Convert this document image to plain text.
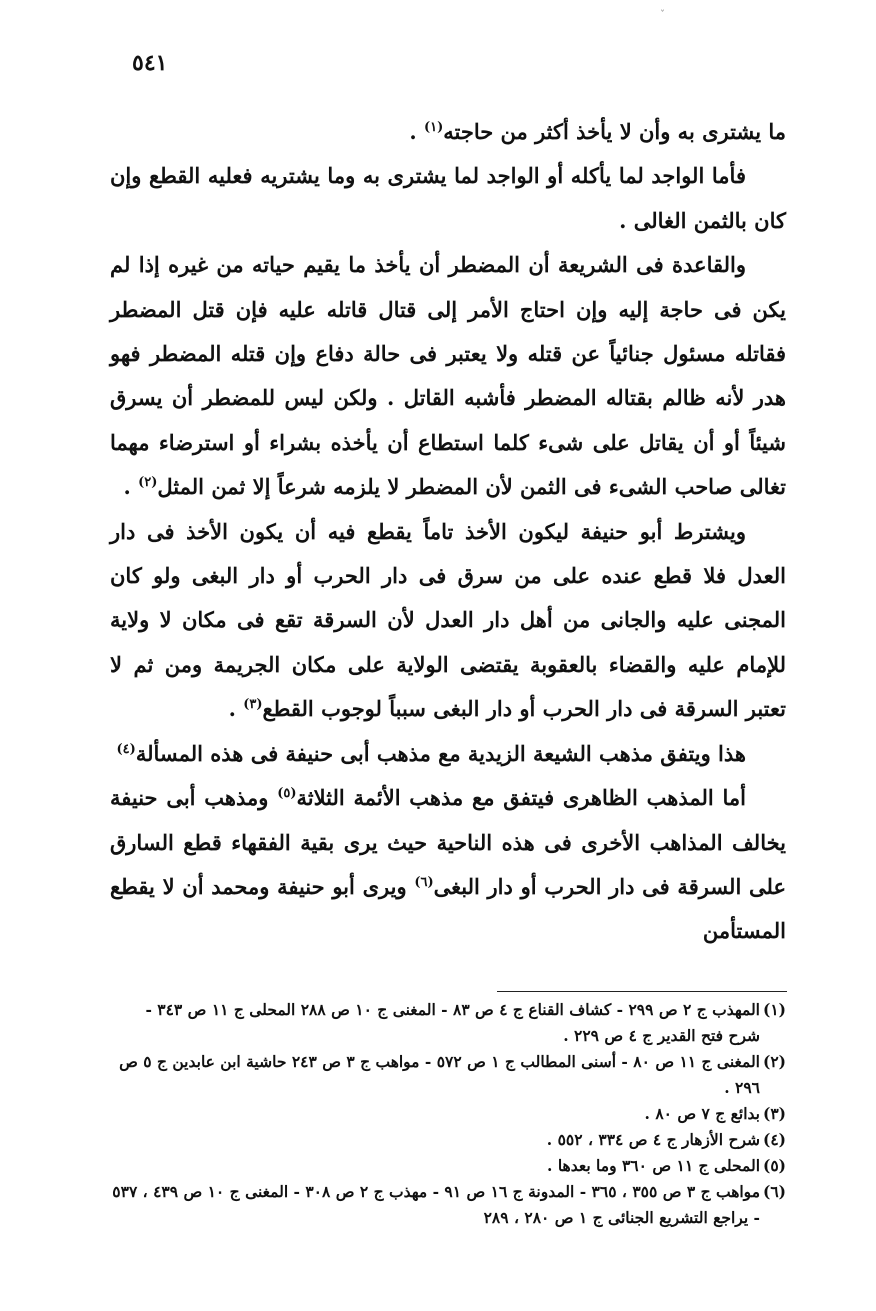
ˇ
٥٤١

ما يشترى به وأن لا يأخذ أكثر من حاجته$^{(١)}$ .

فأما الواجد لما يأكله أو الواجد لما يشترى به وما يشتريه فعليه القطع وإن كان بالثمن الغالى .

والقاعدة فى الشريعة أن المضطر أن يأخذ ما يقيم حياته من غيره إذا لم يكن فى حاجة إليه وإن احتاج الأمر إلى قتال قاتله عليه فإن قتل المضطر فقاتله مسئول جنائياً عن قتله ولا يعتبر فى حالة دفاع وإن قتله المضطر فهو هدر لأنه ظالم بقتاله المضطر فأشبه القاتل . ولكن ليس للمضطر أن يسرق شيئاً أو أن يقاتل على شىء كلما استطاع أن يأخذه بشراء أو استرضاء مهما تغالى صاحب الشىء فى الثمن لأن المضطر لا يلزمه شرعاً إلا ثمن المثل$^{(٢)}$ .

ويشترط أبو حنيفة ليكون الأخذ تاماً يقطع فيه أن يكون الأخذ فى دار العدل فلا قطع عنده على من سرق فى دار الحرب أو دار البغى ولو كان المجنى عليه والجانى من أهل دار العدل لأن السرقة تقع فى مكان لا ولاية للإمام عليه والقضاء بالعقوبة يقتضى الولاية على مكان الجريمة ومن ثم لا تعتبر السرقة فى دار الحرب أو دار البغى سبباً لوجوب القطع$^{(٣)}$ .

هذا ويتفق مذهب الشيعة الزيدية مع مذهب أبى حنيفة فى هذه المسألة$^{(٤)}$

أما المذهب الظاهرى فيتفق مع مذهب الأئمة الثلاثة$^{(٥)}$ ومذهب أبى حنيفة يخالف المذاهب الأخرى فى هذه الناحية حيث يرى بقية الفقهاء قطع السارق على السرقة فى دار الحرب أو دار البغى$^{(٦)}$ ويرى أبو حنيفة ومحمد أن لا يقطع المستأمن

(١)المهذب ج ٢ ص ٢٩٩ - كشاف القناع ج ٤ ص ٨٣ - المغنى ج ١٠ ص ٢٨٨ المحلى ج ١١ ص ٣٤٣ - شرح فتح القدير ج ٤ ص ٢٢٩ .

(٢)المغنى ج ١١ ص ٨٠ - أسنى المطالب ج ١ ص ٥٧٢ - مواهب ج ٣ ص ٢٤٣ حاشية ابن عابدين ج ٥ ص ٢٩٦ .

(٣)بدائع ج ٧ ص ٨٠ .

(٤)شرح الأزهار ج ٤ ص ٣٣٤ ، ٥٥٢ .

(٥)المحلى ج ١١ ص ٣٦٠ وما بعدها .

(٦)مواهب ج ٣ ص ٣٥٥ ، ٣٦٥ - المدونة ج ١٦ ص ٩١ - مهذب ج ٢ ص ٣٠٨ - المغنى ج ١٠ ص ٤٣٩ ، ٥٣٧ - يراجع التشريع الجنائى ج ١ ص ٢٨٠ ، ٢٨٩
